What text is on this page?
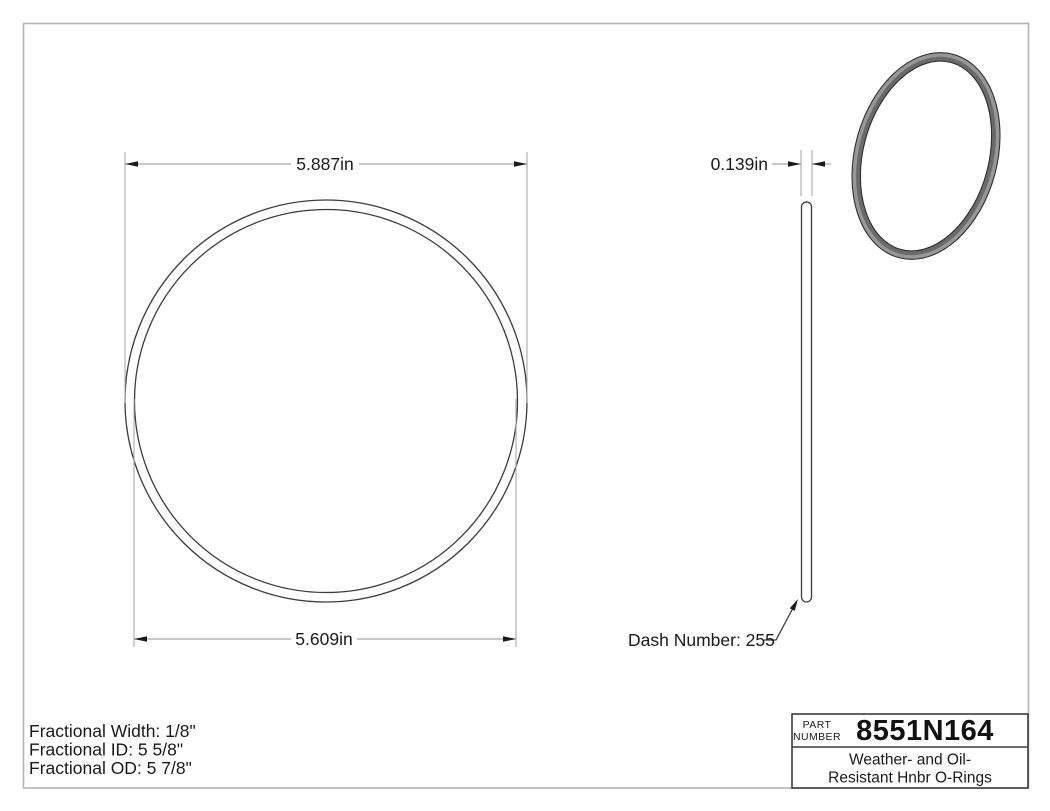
5.887in
5.609in
0.139in
Dash Number: 255
Fractional Width: 1/8"
Fractional ID: 5 5/8"
Fractional OD: 5 7/8"
PART
NUMBER 8551N164
Weather- and Oil-
Resistant Hnbr O-Rings
